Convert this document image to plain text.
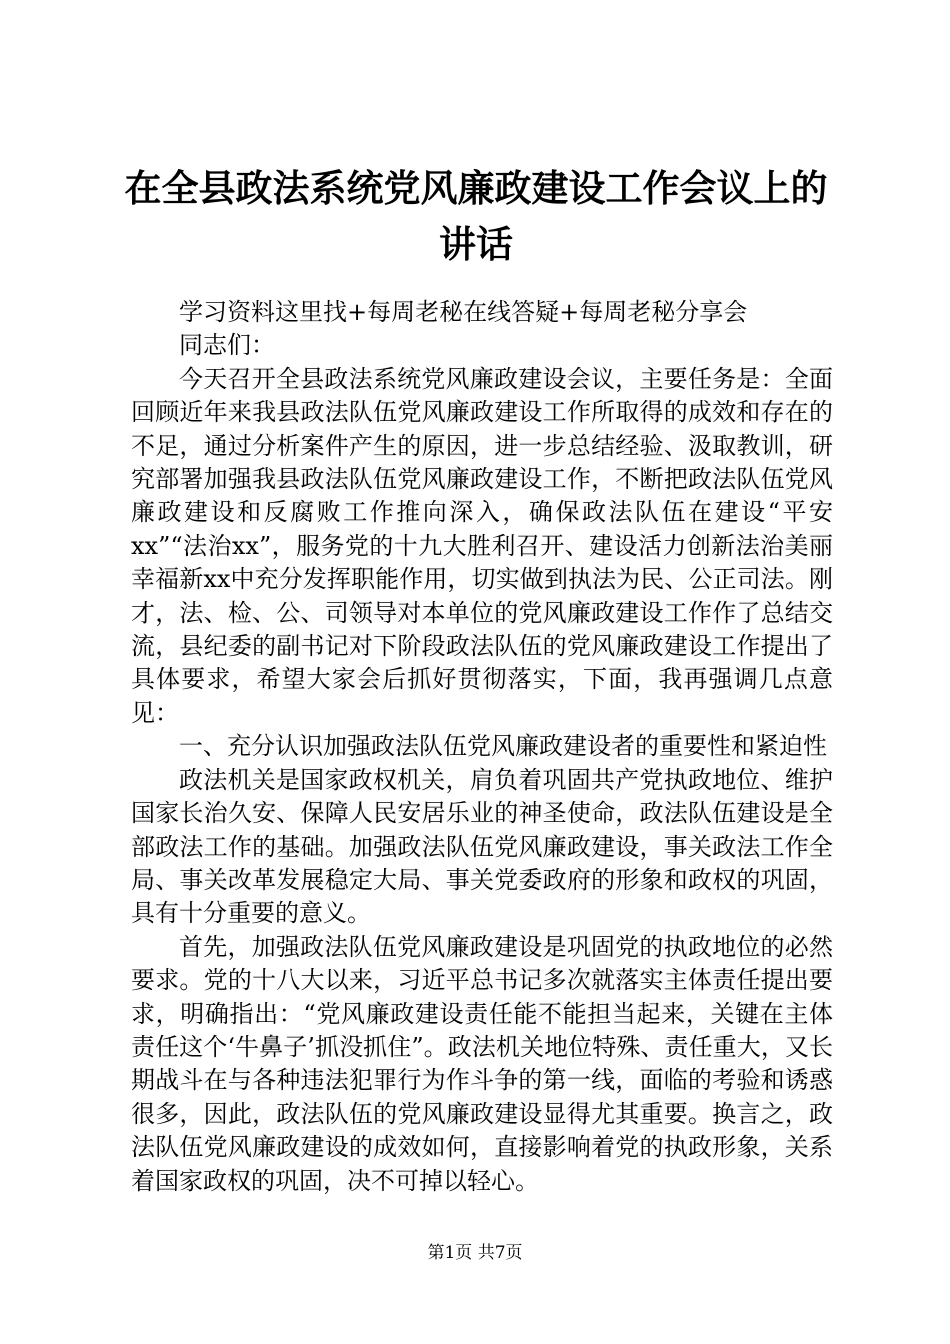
在全县政法系统党风廉政建设工作会议上的讲话

学习资料这里找+每周老秘在线答疑+每周老秘分享会

同志们：

今天召开全县政法系统党风廉政建设会议，主要任务是：全面回顾近年来我县政法队伍党风廉政建设工作所取得的成效和存在的不足，通过分析案件产生的原因，进一步总结经验、汲取教训，研究部署加强我县政法队伍党风廉政建设工作，不断把政法队伍党风廉政建设和反腐败工作推向深入，确保政法队伍在建设“平安xx”“法治xx”，服务党的十九大胜利召开、建设活力创新法治美丽幸福新xx中充分发挥职能作用，切实做到执法为民、公正司法。刚才，法、检、公、司领导对本单位的党风廉政建设工作作了总结交流，县纪委的副书记对下阶段政法队伍的党风廉政建设工作提出了具体要求，希望大家会后抓好贯彻落实，下面，我再强调几点意见：

一、充分认识加强政法队伍党风廉政建设者的重要性和紧迫性

政法机关是国家政权机关，肩负着巩固共产党执政地位、维护国家长治久安、保障人民安居乐业的神圣使命，政法队伍建设是全部政法工作的基础。加强政法队伍党风廉政建设，事关政法工作全局、事关改革发展稳定大局、事关党委政府的形象和政权的巩固，具有十分重要的意义。

首先，加强政法队伍党风廉政建设是巩固党的执政地位的必然要求。党的十八大以来，习近平总书记多次就落实主体责任提出要求，明确指出：“党风廉政建设责任能不能担当起来，关键在主体责任这个‘牛鼻子’抓没抓住”。政法机关地位特殊、责任重大，又长期战斗在与各种违法犯罪行为作斗争的第一线，面临的考验和诱惑很多，因此，政法队伍的党风廉政建设显得尤其重要。换言之，政法队伍党风廉政建设的成效如何，直接影响着党的执政形象，关系着国家政权的巩固，决不可掉以轻心。

第1页 共7页
